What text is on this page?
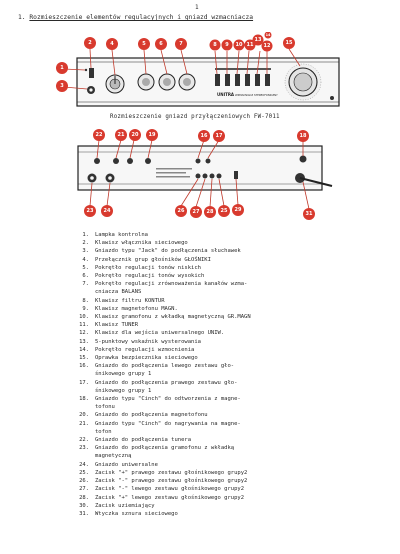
1
1. Rozmieszczenie elementów regulacyjnych i gniazd wzmacniacza
UNITRA WZMACNIACZ STEREOFONICZNY
1
3
2	4	5	6	7	8 9 10 11
13
12
14
15
Rozmieszczenie gniazd przyłączeniowych FW-7011
22	21 20 19	16 17	18
23 24	26 27 28 25 29
31
1. Lampka kontrolna
2. Klawisz włącznika sieciowego
3. Gniazdo typu "Jack" do podłączenia słuchawek
4. Przełącznik grup głośników GŁOŚNIKI
5. Pokrętło regulacji tonów niskich
6. Pokrętło regulacji tonów wysokich
7. Pokrętło regulacji zrównoważenia kanałów wzma-
cniacza BALANS
8. Klawisz filtru KONTUR
9. Klawisz magnetofonu MAGN.
10. Klawisz gramofonu z wkładką magnetyczną GR.MAGN
11. Klawisz TUNER
12. Klawisz dla wejścia uniwersalnego UNIW.
13. 5-punktowy wskaźnik wysterowania
14. Pokrętło regulacji wzmocnienia
15. Oprawka bezpiecznika sieciowego
16. Gniazdo do podłączenia lewego zestawu gło-
śnikowego grupy 1
17. Gniazdo do podłączenia prawego zestawu gło-
śnikowego grupy 1
18. Gniazdo typu "Cinch" do odtworzenia z magne-
tofonu
20. Gniazdo do podłączenia magnetofonu
21. Gniazdo typu "Cinch" do nagrywania na magne-
tofon
22. Gniazdo do podłączenia tunera
23. Gniazdo do podłączenia gramofonu z wkładką
magnetyczną
24. Gniazdo uniwersalne
25. Zacisk "+" prawego zestawu głośnikowego grupy2
26. Zacisk "-" prawego zestawu głośnikowego grupy2
27. Zacisk "-" lewego zestawu głośnikowego grupy2
28. Zacisk "+" lewego zestawu głośnikowego grupy2
30. Zacisk uziemiający
31. Wtyczka sznura sieciowego
